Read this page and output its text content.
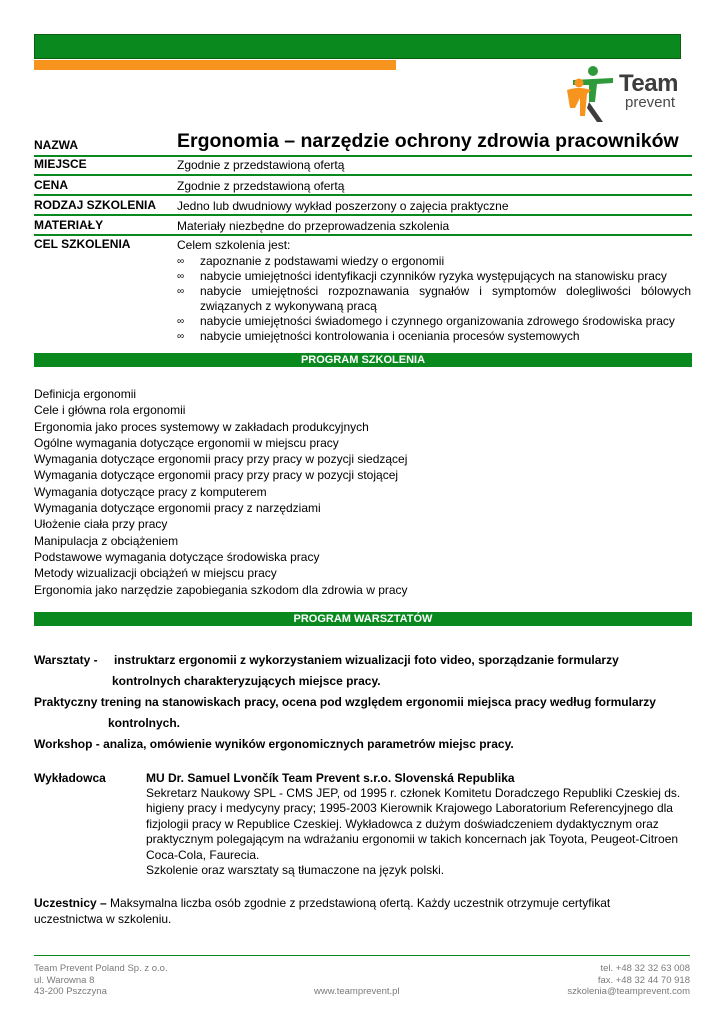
Team
prevent
NAZWA	Ergonomia – narzędzie ochrony zdrowia pracowników
MIEJSCE	Zgodnie z przedstawioną ofertą
CENA	Zgodnie z przedstawioną ofertą
RODZAJ SZKOLENIA Jedno lub dwudniowy wykład poszerzony o zajęcia praktyczne
MATERIAŁY	Materiały niezbędne do przeprowadzenia szkolenia
CEL SZKOLENIA	Celem szkolenia jest:
∞ zapoznanie z podstawami wiedzy o ergonomii
∞ nabycie umiejętności identyfikacji czynników ryzyka występujących na stanowisku pracy
∞ nabycie umiejętności rozpoznawania sygnałów i symptomów dolegliwości bólowych związanych z wykonywaną pracą
∞ nabycie umiejętności świadomego i czynnego organizowania zdrowego środowiska pracy
∞ nabycie umiejętności kontrolowania i oceniania procesów systemowych
PROGRAM SZKOLENIA
Definicja ergonomii
Cele i główna rola ergonomii
Ergonomia jako proces systemowy w zakładach produkcyjnych
Ogólne wymagania dotyczące ergonomii w miejscu pracy
Wymagania dotyczące ergonomii pracy przy pracy w pozycji siedzącej
Wymagania dotyczące ergonomii pracy przy pracy w pozycji stojącej
Wymagania dotyczące pracy z komputerem
Wymagania dotyczące ergonomii pracy z narzędziami
Ułożenie ciała przy pracy
Manipulacja z obciążeniem
Podstawowe wymagania dotyczące środowiska pracy
Metody wizualizacji obciążeń w miejscu pracy
Ergonomia jako narzędzie zapobiegania szkodom dla zdrowia w pracy
PROGRAM WARSZTATÓW
Warsztaty - instruktarz ergonomii z wykorzystaniem wizualizacji foto video, sporządzanie formularzy
kontrolnych charakteryzujących miejsce pracy.
Praktyczny trening na stanowiskach pracy, ocena pod względem ergonomii miejsca pracy według formularzy
kontrolnych.
Workshop - analiza, omówienie wyników ergonomicznych parametrów miejsc pracy.
Wykładowca	MU Dr. Samuel Lvončík Team Prevent s.r.o. Slovenská Republika
Sekretarz Naukowy SPL - CMS JEP, od 1995 r. członek Komitetu Doradczego Republiki Czeskiej ds. higieny pracy i medycyny pracy; 1995-2003 Kierownik Krajowego Laboratorium Referencyjnego dla fizjologii pracy w Republice Czeskiej. Wykładowca z dużym doświadczeniem dydaktycznym oraz praktycznym polegającym na wdrażaniu ergonomii w takich koncernach jak Toyota, Peugeot-Citroen Coca-Cola, Faurecia.
Szkolenie oraz warsztaty są tłumaczone na język polski.
Uczestnicy – Maksymalna liczba osób zgodnie z przedstawioną ofertą. Każdy uczestnik otrzymuje certyfikat uczestnictwa w szkoleniu.
Team Prevent Poland Sp. z o.o.
ul. Warowna 8
43-200 Pszczyna	www.teamprevent.pl
tel. +48 32 32 63 008
fax. +48 32 44 70 918
szkolenia@teamprevent.com
